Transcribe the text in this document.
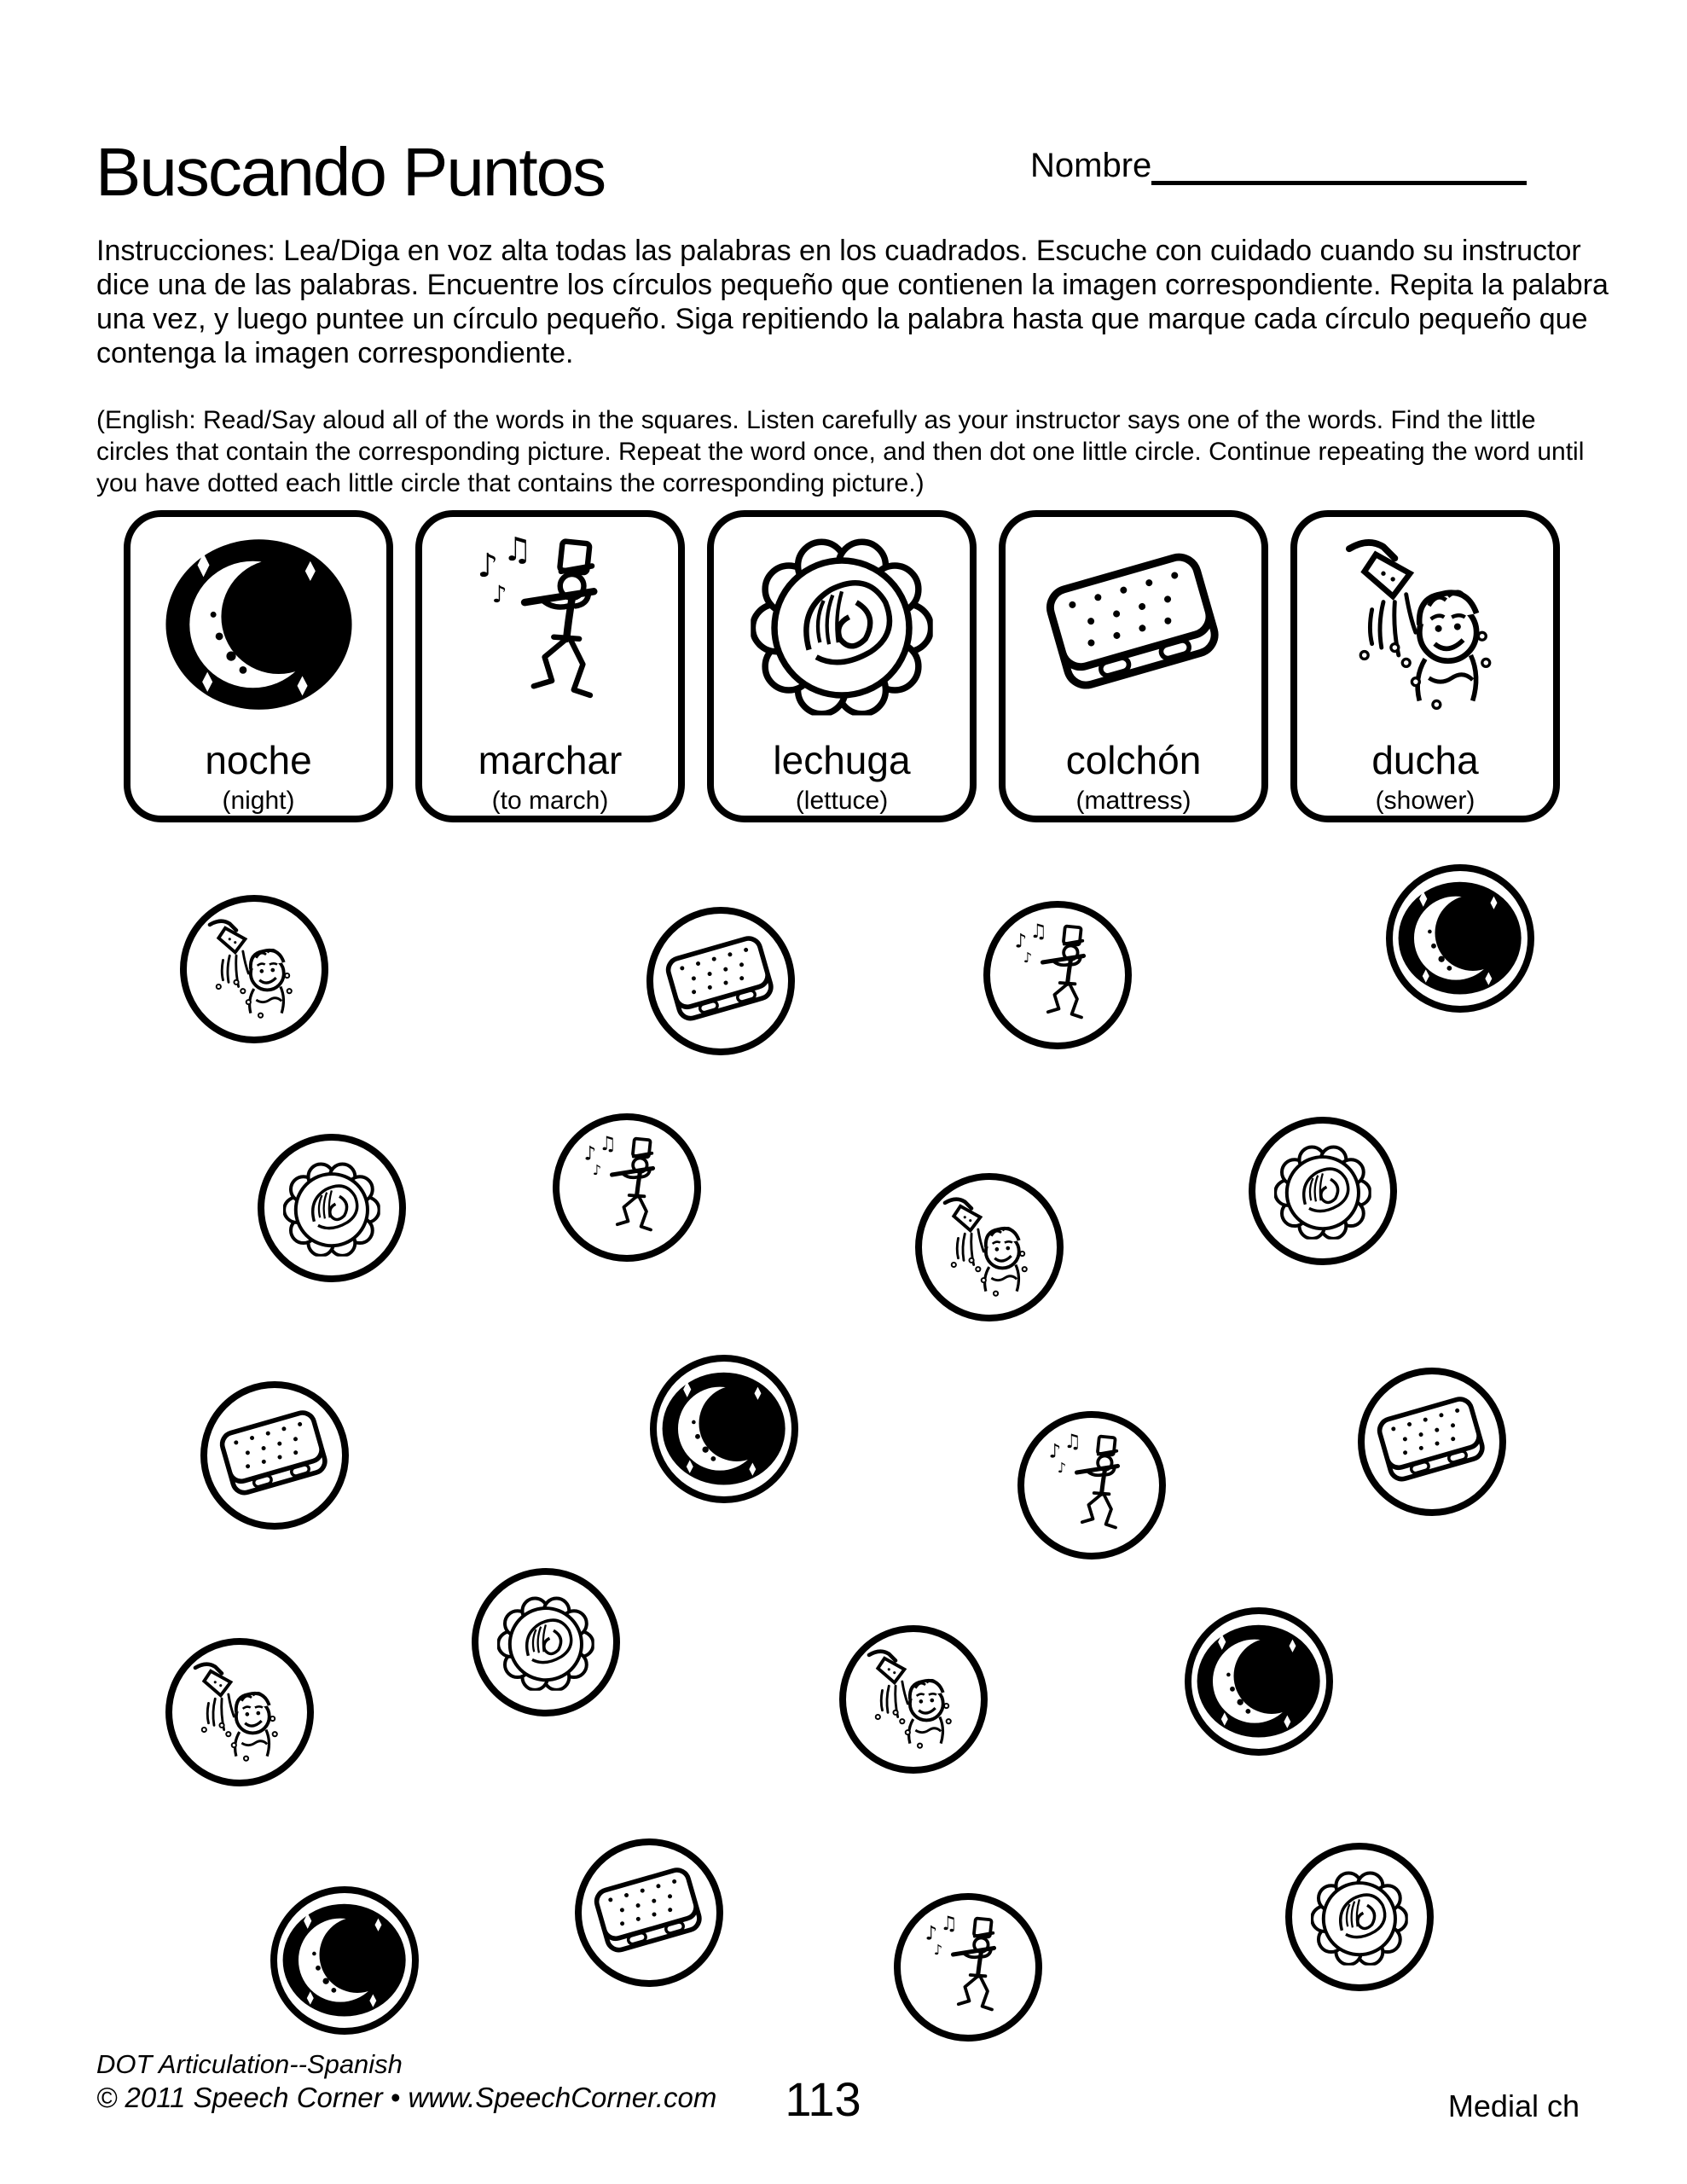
Buscando Puntos	Nombre

Instrucciones: Lea/Diga en voz alta todas las palabras en los cuadrados. Escuche con cuidado cuando su instructor dice una de las palabras. Encuentre los círculos pequeño que contienen la imagen correspondiente. Repita la palabra una vez, y luego puntee un círculo pequeño. Siga repitiendo la palabra hasta que marque cada círculo pequeño que contenga la imagen correspondiente.

(English: Read/Say aloud all of the words in the squares. Listen carefully as your instructor says one of the words. Find the little circles that contain the corresponding picture. Repeat the word once, and then dot one little circle. Continue repeating the word until you have dotted each little circle that contains the corresponding picture.)

noche
(night)
marchar
(to march)
lechuga
(lettuce)
colchón
(mattress)
ducha
(shower)
DOT Articulation--Spanish
© 2011 Speech Corner • www.SpeechCorner.com	113	Medial ch
